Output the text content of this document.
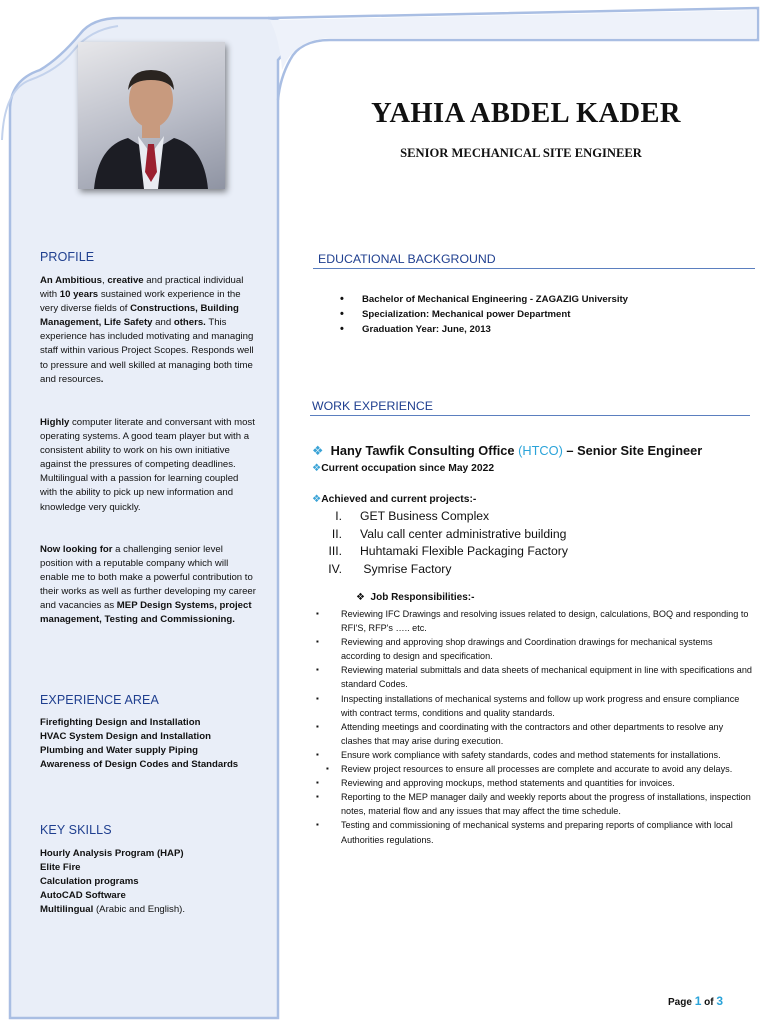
PROFILE
An Ambitious, creative and practical individual with 10 years sustained work experience in the very diverse fields of Constructions, Building Management, Life Safety and others. This experience has included motivating and managing staff within various Project Scopes. Responds well to pressure and well skilled at managing both time and resources.
Highly computer literate and conversant with most operating systems. A good team player but with a consistent ability to work on his own initiative against the pressures of competing deadlines. Multilingual with a passion for learning coupled with the ability to pick up new information and knowledge very quickly.
Now looking for a challenging senior level position with a reputable company which will enable me to both make a powerful contribution to their works as well as further developing my career and vacancies as MEP Design Systems, project management, Testing and Commissioning.
EXPERIENCE AREA
Firefighting Design and Installation
HVAC System Design and Installation
Plumbing and Water supply Piping
Awareness of Design Codes and Standards
KEY SKILLS
Hourly Analysis Program (HAP)
Elite Fire
Calculation programs
AutoCAD Software
Multilingual (Arabic and English).
YAHIA ABDEL KADER
SENIOR MECHANICAL SITE ENGINEER
EDUCATIONAL BACKGROUND
• Bachelor of Mechanical Engineering - ZAGAZIG University
• Specialization: Mechanical power Department
• Graduation Year: June, 2013
WORK EXPERIENCE
❖ Hany Tawfik Consulting Office (HTCO) – Senior Site Engineer
❖Current occupation since May 2022
❖Achieved and current projects:-
I. GET Business Complex
II. Valu call center administrative building
III. Huhtamaki Flexible Packaging Factory
IV. Symrise Factory
❖ Job Responsibilities:-
▪ Reviewing IFC Drawings and resolving issues related to design, calculations, BOQ and responding to RFI'S, RFP's ….. etc.
▪ Reviewing and approving shop drawings and Coordination drawings for mechanical systems according to design and specification.
▪ Reviewing material submittals and data sheets of mechanical equipment in line with specifications and standard Codes.
▪ Inspecting installations of mechanical systems and follow up work progress and ensure compliance with contract terms, conditions and quality standards.
▪ Attending meetings and coordinating with the contractors and other departments to resolve any clashes that may arise during execution.
▪ Ensure work compliance with safety standards, codes and method statements for installations.
▪ Review project resources to ensure all processes are complete and accurate to avoid any delays.
▪ Reviewing and approving mockups, method statements and quantities for invoices.
▪ Reporting to the MEP manager daily and weekly reports about the progress of installations, inspection notes, material flow and any issues that may affect the time schedule.
▪ Testing and commissioning of mechanical systems and preparing reports of compliance with local Authorities regulations.
Page 1 of 3
